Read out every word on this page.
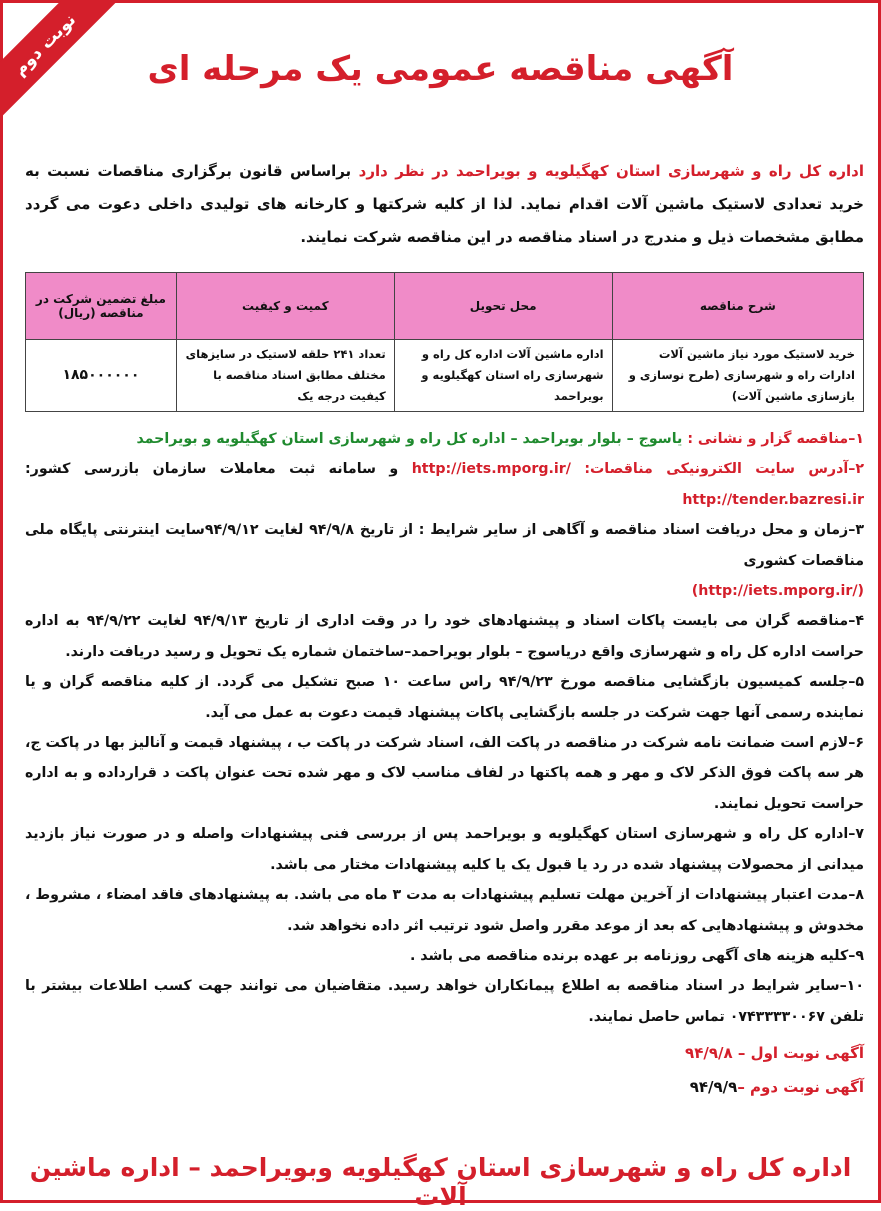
نوبت دوم	آگهی مناقصه عمومی یک مرحله ای

اداره کل راه و شهرسازی استان کهگیلویه و بویراحمد در نظر دارد براساس قانون برگزاری مناقصات نسبت به خرید تعدادی لاستیک ماشین آلات اقدام نماید. لذا از کلیه شرکتها و کارخانه های تولیدی داخلی دعوت می گردد مطابق مشخصات ذیل و مندرج در اسناد مناقصه در این مناقصه شرکت نمایند.

شرح مناقصه	محل تحویل	کمیت و کیفیت	مبلغ تضمین شرکت در مناقصه (ریال)
خرید لاستیک مورد نیاز ماشین آلات ادارات راه و شهرسازی (طرح نوسازی و بازسازی ماشین آلات)	اداره ماشین آلات اداره کل راه و شهرسازی راه استان کهگیلویه و بویراحمد	تعداد ۲۴۱ حلقه لاستیک در سایزهای مختلف مطابق اسناد مناقصه با کیفیت درجه یک	۱۸۵۰۰۰۰۰۰

۱–مناقصه گزار و نشانی : یاسوج – بلوار بویراحمد – اداره کل راه و شهرسازی استان کهگیلویه و بویراحمد

۲–آدرس سایت الکترونیکی مناقصات: http://iets.mporg.ir/ و سامانه ثبت معاملات سازمان بازرسی کشور: http://tender.bazresi.ir

۳–زمان و محل دریافت اسناد مناقصه و آگاهی از سایر شرایط : از تاریخ ۹۴/۹/۸ لغایت ۹۴/۹/۱۲سایت اینترنتی پایگاه ملی مناقصات کشوری
(http://iets.mporg.ir/)

۴–مناقصه گران می بایست پاکات اسناد و پیشنهادهای خود را در وقت اداری از تاریخ ۹۴/۹/۱۳ لغایت ۹۴/۹/۲۲ به اداره حراست اداره کل راه و شهرسازی واقع دریاسوج – بلوار بویراحمد–ساختمان شماره یک تحویل و رسید دریافت دارند.

۵–جلسه کمیسیون بازگشایی مناقصه مورخ ۹۴/۹/۲۳ راس ساعت ۱۰ صبح تشکیل می گردد. از کلیه مناقصه گران و یا نماینده رسمی آنها جهت شرکت در جلسه بازگشایی پاکات پیشنهاد قیمت دعوت به عمل می آید.

۶–لازم است ضمانت نامه شرکت در مناقصه در پاکت الف، اسناد شرکت در پاکت ب ، پیشنهاد قیمت و آنالیز بها در پاکت ج، هر سه پاکت فوق الذکر لاک و مهر و همه پاکتها در لفاف مناسب لاک و مهر شده تحت عنوان پاکت د قرارداده و به اداره حراست تحویل نمایند.

۷–اداره کل راه و شهرسازی استان کهگیلویه و بویراحمد پس از بررسی فنی پیشنهادات واصله و در صورت نیاز بازدید میدانی از محصولات پیشنهاد شده در رد یا قبول یک یا کلیه پیشنهادات مختار می باشد.

۸–مدت اعتبار پیشنهادات از آخرین مهلت تسلیم پیشنهادات به مدت ۳ ماه می باشد. به پیشنهادهای فاقد امضاء ، مشروط ، مخدوش و پیشنهادهایی که بعد از موعد مقرر واصل شود ترتیب اثر داده نخواهد شد.

۹–کلیه هزینه های آگهی روزنامه بر عهده برنده مناقصه می باشد .

۱۰–سایر شرایط در اسناد مناقصه به اطلاع پیمانکاران خواهد رسید. متقاضیان می توانند جهت کسب اطلاعات بیشتر با تلفن ۰۷۴۳۳۳۳۰۰۶۷ تماس حاصل نمایند.

آگهی نوبت اول – ۹۴/۹/۸

آگهی نوبت دوم –۹۴/۹/۹

اداره کل راه و شهرسازی استان کهگیلویه وبویراحمد – اداره ماشین آلات
